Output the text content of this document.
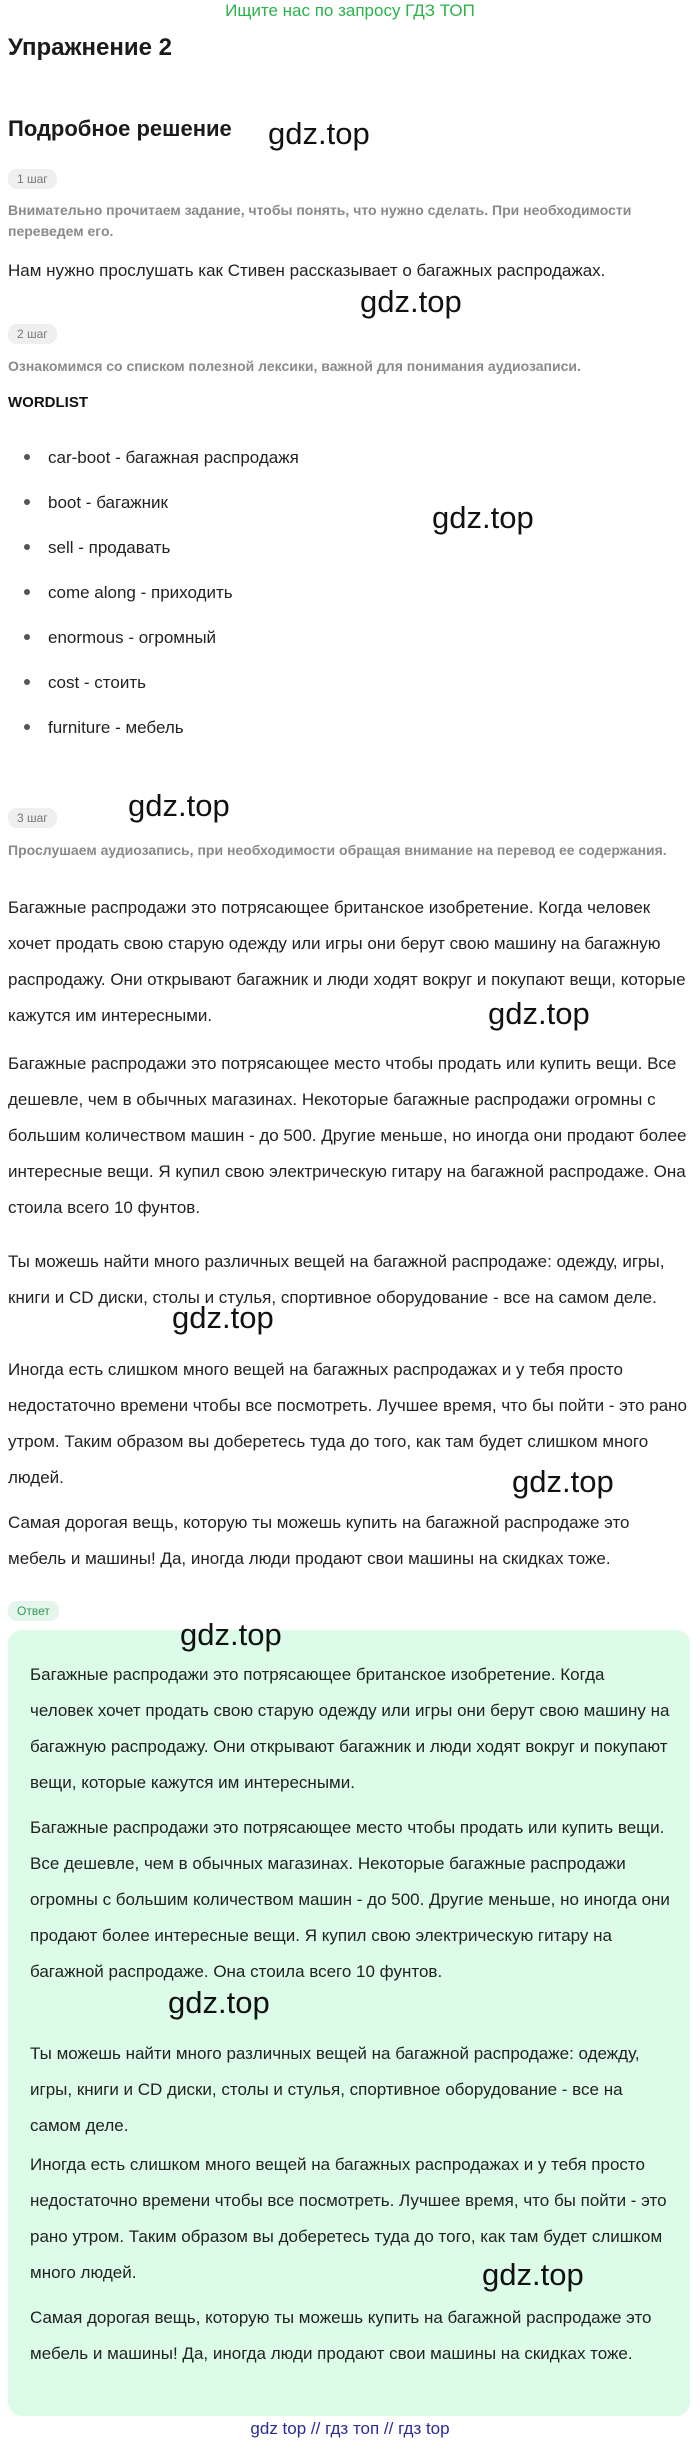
Ищите нас по запросу ГДЗ ТОП
Упражнение 2
Подробное решение
1 шаг
Внимательно прочитаем задание, чтобы понять, что нужно сделать. При необходимости переведем его.
Нам нужно прослушать как Стивен рассказывает о багажных распродажах.
2 шаг
Ознакомимся со списком полезной лексики, важной для понимания аудиозаписи.
WORDLIST
car-boot - багажная распродажя
boot - багажник
sell - продавать
come along - приходить
enormous - огромный
cost - стоить
furniture - мебель
3 шаг
Прослушаем аудиозапись, при необходимости обращая внимание на перевод ее содержания.
Багажные распродажи это потрясающее британское изобретение. Когда человек хочет продать свою старую одежду или игры они берут свою машину на багажную распродажу. Они открывают багажник и люди ходят вокруг и покупают вещи, которые кажутся им интересными.
Багажные распродажи это потрясающее место чтобы продать или купить вещи. Все дешевле, чем в обычных магазинах. Некоторые багажные распродажи огромны с большим количеством машин - до 500. Другие меньше, но иногда они продают более интересные вещи. Я купил свою электрическую гитару на багажной распродаже. Она стоила всего 10 фунтов.
Ты можешь найти много различных вещей на багажной распродаже: одежду, игры, книги и CD диски, столы и стулья, спортивное оборудование - все на самом деле.
Иногда есть слишком много вещей на багажных распродажах и у тебя просто недостаточно времени чтобы все посмотреть. Лучшее время, что бы пойти - это рано утром. Таким образом вы доберетесь туда до того, как там будет слишком много людей.
Самая дорогая вещь, которую ты можешь купить на багажной распродаже это мебель и машины! Да, иногда люди продают свои машины на скидках тоже.
Ответ
Багажные распродажи это потрясающее британское изобретение. Когда человек хочет продать свою старую одежду или игры они берут свою машину на багажную распродажу. Они открывают багажник и люди ходят вокруг и покупают вещи, которые кажутся им интересными.
Багажные распродажи это потрясающее место чтобы продать или купить вещи. Все дешевле, чем в обычных магазинах. Некоторые багажные распродажи огромны с большим количеством машин - до 500. Другие меньше, но иногда они продают более интересные вещи. Я купил свою электрическую гитару на багажной распродаже. Она стоила всего 10 фунтов.
Ты можешь найти много различных вещей на багажной распродаже: одежду, игры, книги и CD диски, столы и стулья, спортивное оборудование - все на самом деле.
Иногда есть слишком много вещей на багажных распродажах и у тебя просто недостаточно времени чтобы все посмотреть. Лучшее время, что бы пойти - это рано утром. Таким образом вы доберетесь туда до того, как там будет слишком много людей.
Самая дорогая вещь, которую ты можешь купить на багажной распродаже это мебель и машины! Да, иногда люди продают свои машины на скидках тоже.
gdz.top
gdz.top
gdz.top
gdz.top
gdz.top
gdz.top
gdz.top
gdz.top
gdz.top
gdz.top
gdz top // гдз топ // гдз top
